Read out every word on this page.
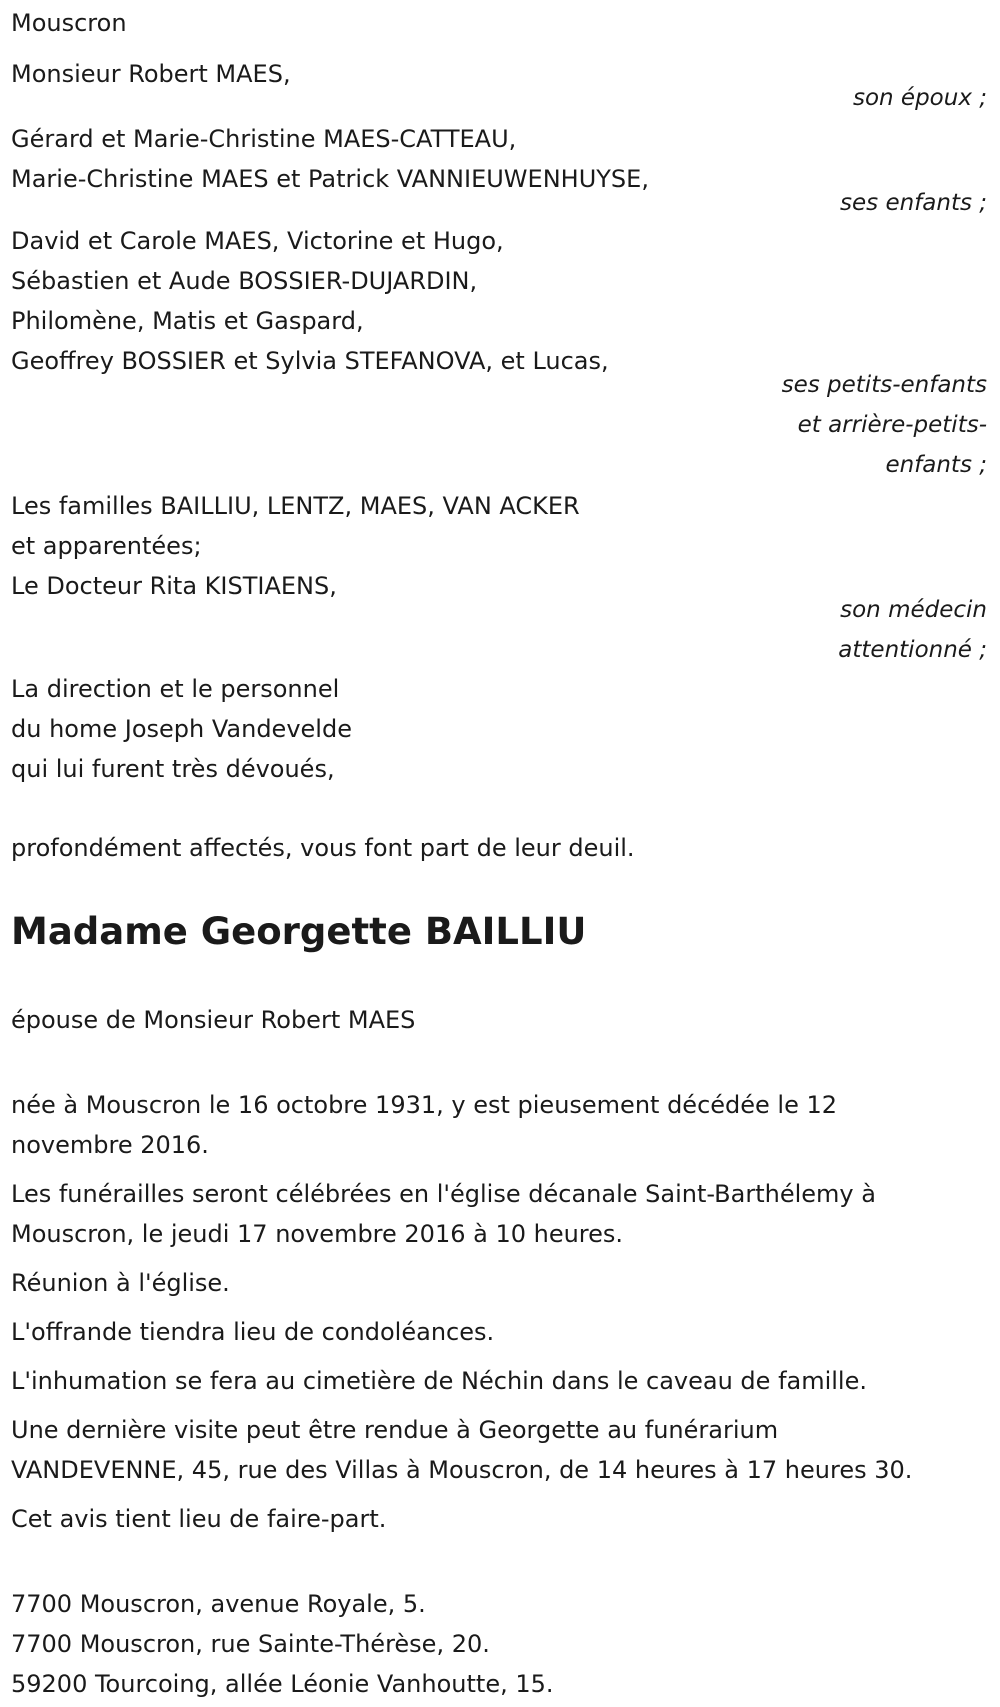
Mouscron
Monsieur Robert MAES,
son époux ;
Gérard et Marie-Christine MAES-CATTEAU,
Marie-Christine MAES et Patrick VANNIEUWENHUYSE,
ses enfants ;
David et Carole MAES, Victorine et Hugo,
Sébastien et Aude BOSSIER-DUJARDIN,
Philomène, Matis et Gaspard,
Geoffrey BOSSIER et Sylvia STEFANOVA, et Lucas,
ses petits-enfants
et arrière-petits-
enfants ;
Les familles BAILLIU, LENTZ, MAES, VAN ACKER
et apparentées;
Le Docteur Rita KISTIAENS,
son médecin
attentionné ;
La direction et le personnel
du home Joseph Vandevelde
qui lui furent très dévoués,
profondément affectés, vous font part de leur deuil.
Madame Georgette BAILLIU
épouse de Monsieur Robert MAES
née à Mouscron le 16 octobre 1931, y est pieusement décédée le 12
novembre 2016.
Les funérailles seront célébrées en l'église décanale Saint-Barthélemy à
Mouscron, le jeudi 17 novembre 2016 à 10 heures.
Réunion à l'église.
L'offrande tiendra lieu de condoléances.
L'inhumation se fera au cimetière de Néchin dans le caveau de famille.
Une dernière visite peut être rendue à Georgette au funérarium
VANDEVENNE, 45, rue des Villas à Mouscron, de 14 heures à 17 heures 30.
Cet avis tient lieu de faire-part.
7700 Mouscron, avenue Royale, 5.
7700 Mouscron, rue Sainte-Thérèse, 20.
59200 Tourcoing, allée Léonie Vanhoutte, 15.
